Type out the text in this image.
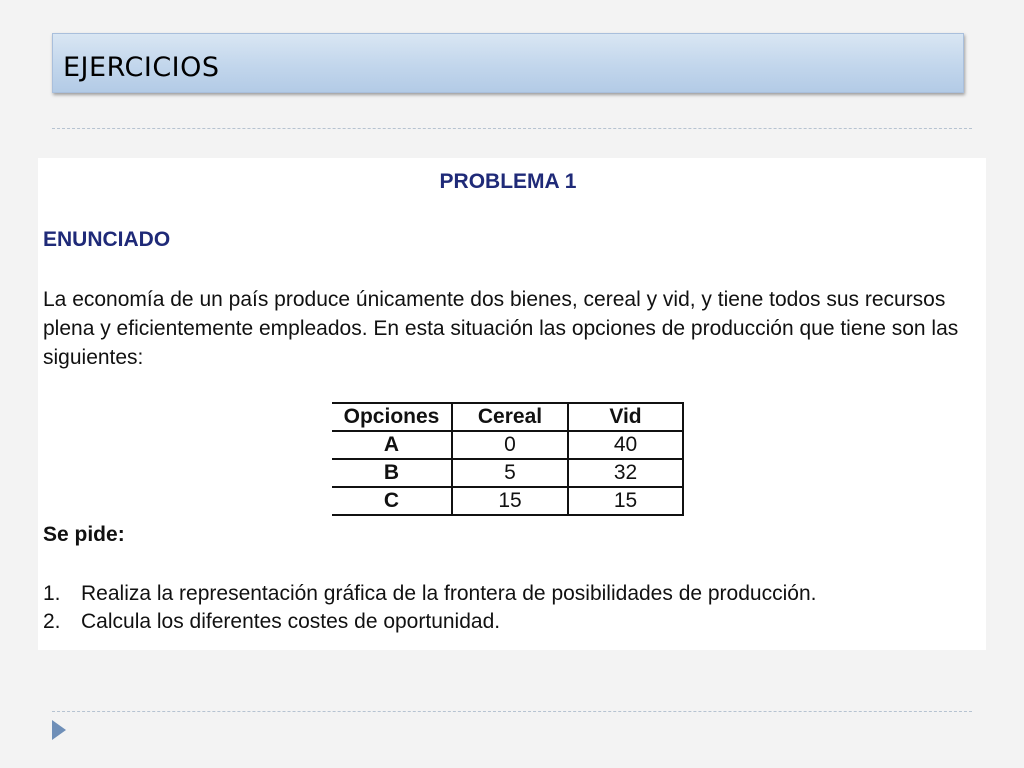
EJERCICIOS
PROBLEMA 1
ENUNCIADO
La economía de un país produce únicamente dos bienes, cereal y vid, y tiene todos sus recursos plena y eficientemente empleados. En esta situación las opciones de producción que tiene son las siguientes:
Opciones	Cereal	Vid
A	0	40
B	5	32
C	15	15
Se pide:
1. Realiza la representación gráfica de la frontera de posibilidades de producción.
2. Calcula los diferentes costes de oportunidad.
